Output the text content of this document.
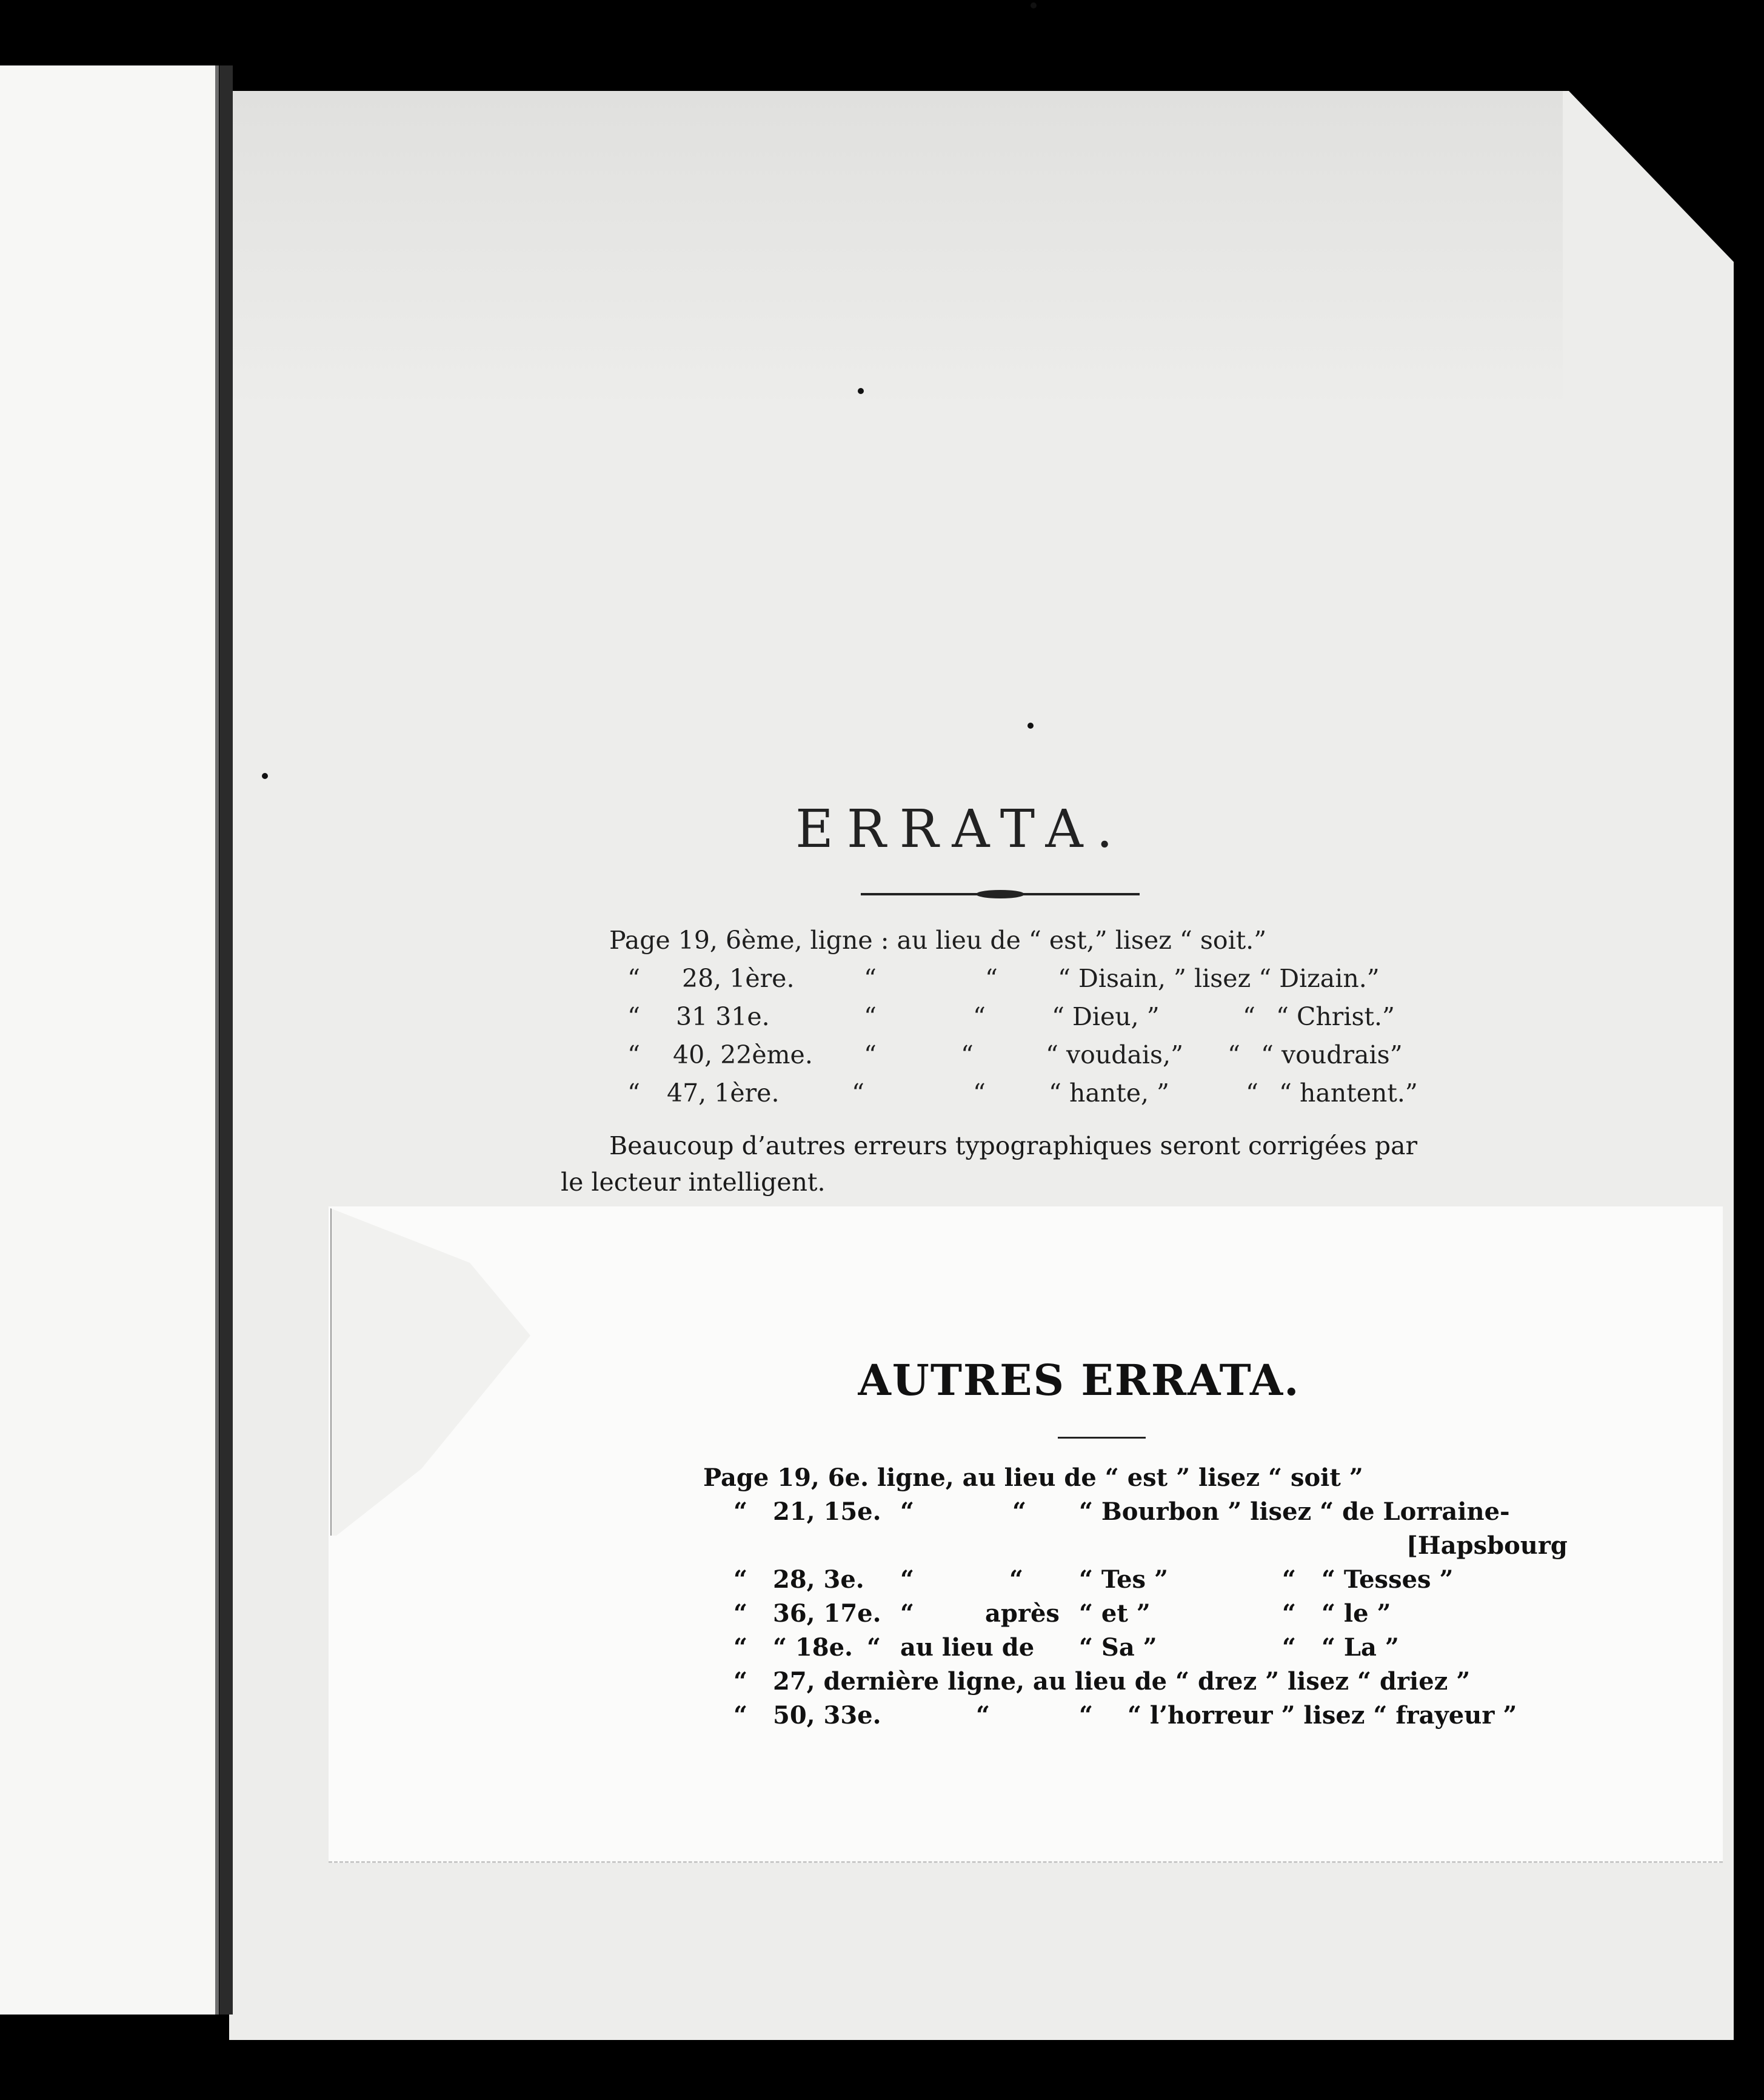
ERRATA.
Page 19, 6ème, ligne : au lieu de “ est,” lisez “ soit.”
“ 28, 1ère.	“	“ “ Disain, ” lisez “ Dizain.”
“ 31 31e.	“	“	“ Dieu, ”	“ “ Christ.”
“ 40, 22ème. “	“	“ voudais,” “ “ voudrais”
“ 47, 1ère.	“	“	“ hante, ”	“ “ hantent.”
Beaucoup d’autres erreurs typographiques seront corrigées par
le lecteur intelligent.
AUTRES ERRATA.
Page 19, 6e. ligne, au lieu de “ est ” lisez “ soit ”
“ 21, 15e. “	“ “ Bourbon ” lisez “ de Lorraine-
[Hapsbourg
“ 28, 3e. “	“ “ Tes ”	“ “ Tesses ”
“ 36, 17e. “	après “ et ”	“ “ le ”
“ “ 18e. “ au lieu de “ Sa ”	“ “ La ”
“ 27, dernière ligne, au lieu de “ drez ” lisez “ driez ”
“ 50, 33e.	“	“ “ l’horreur ” lisez “ frayeur ”
